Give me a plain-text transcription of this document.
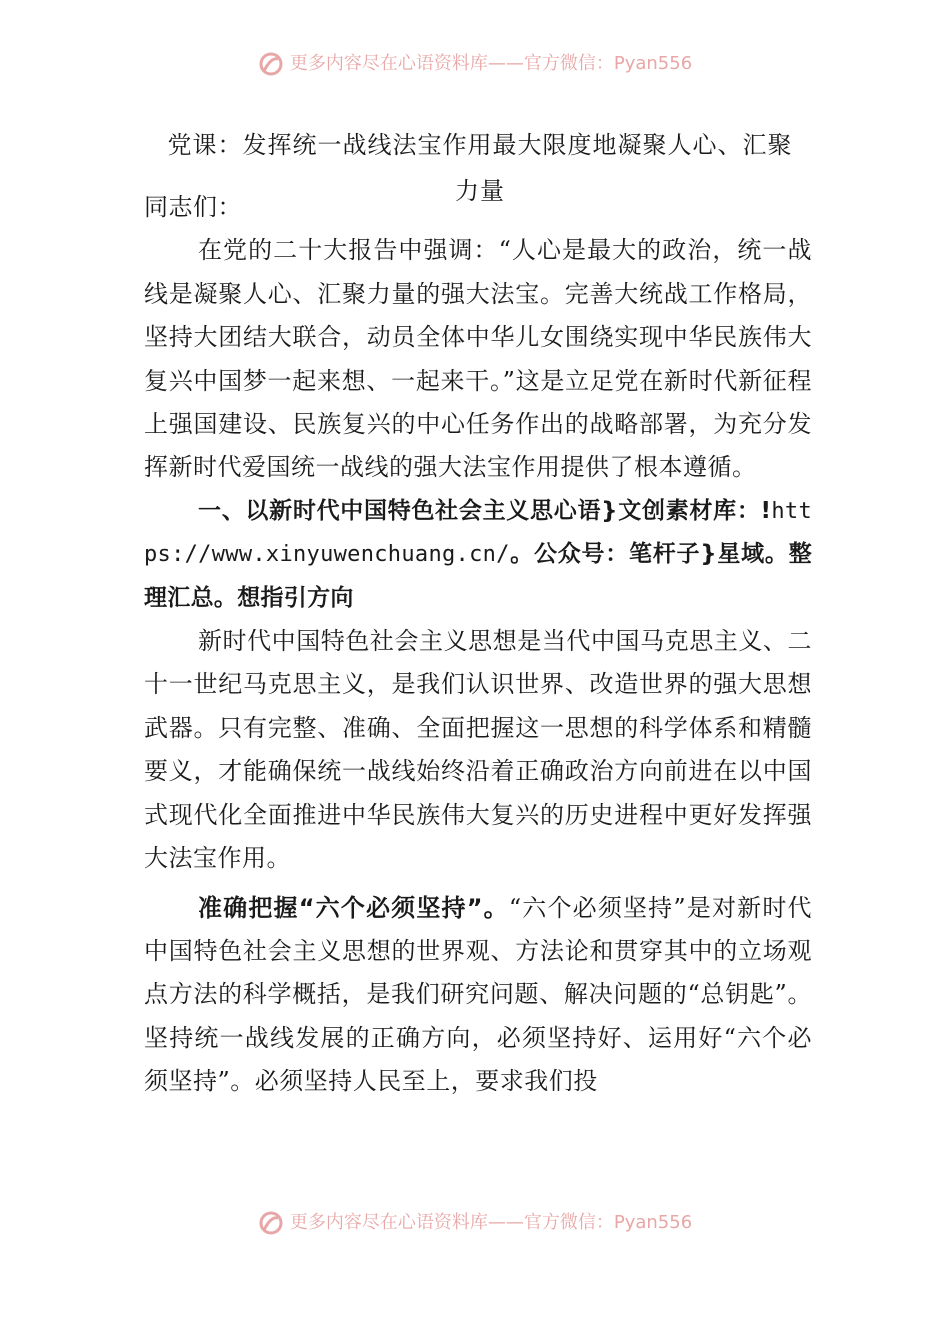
更多内容尽在心语资料库——官方微信：Pyan556
党课：发挥统一战线法宝作用最大限度地凝聚人心、汇聚
力量

同志们：

在党的二十大报告中强调：“人心是最大的政治，统一战线是凝聚人心、汇聚力量的强大法宝。完善大统战工作格局，坚持大团结大联合，动员全体中华儿女围绕实现中华民族伟大复兴中国梦一起来想、一起来干。”这是立足党在新时代新征程上强国建设、民族复兴的中心任务作出的战略部署，为充分发挥新时代爱国统一战线的强大法宝作用提供了根本遵循。

一、以新时代中国特色社会主义思心语}文创素材库：!https://www.xinyuwenchuang.cn/。公众号：笔杆子}星域。整理汇总。想指引方向

新时代中国特色社会主义思想是当代中国马克思主义、二十一世纪马克思主义，是我们认识世界、改造世界的强大思想武器。只有完整、准确、全面把握这一思想的科学体系和精髓要义，才能确保统一战线始终沿着正确政治方向前进在以中国式现代化全面推进中华民族伟大复兴的历史进程中更好发挥强大法宝作用。

准确把握“六个必须坚持”。“六个必须坚持”是对新时代中国特色社会主义思想的世界观、方法论和贯穿其中的立场观点方法的科学概括，是我们研究问题、解决问题的“总钥匙”。坚持统一战线发展的正确方向，必须坚持好、运用好“六个必须坚持”。必须坚持人民至上，要求我们投

更多内容尽在心语资料库——官方微信：Pyan556
